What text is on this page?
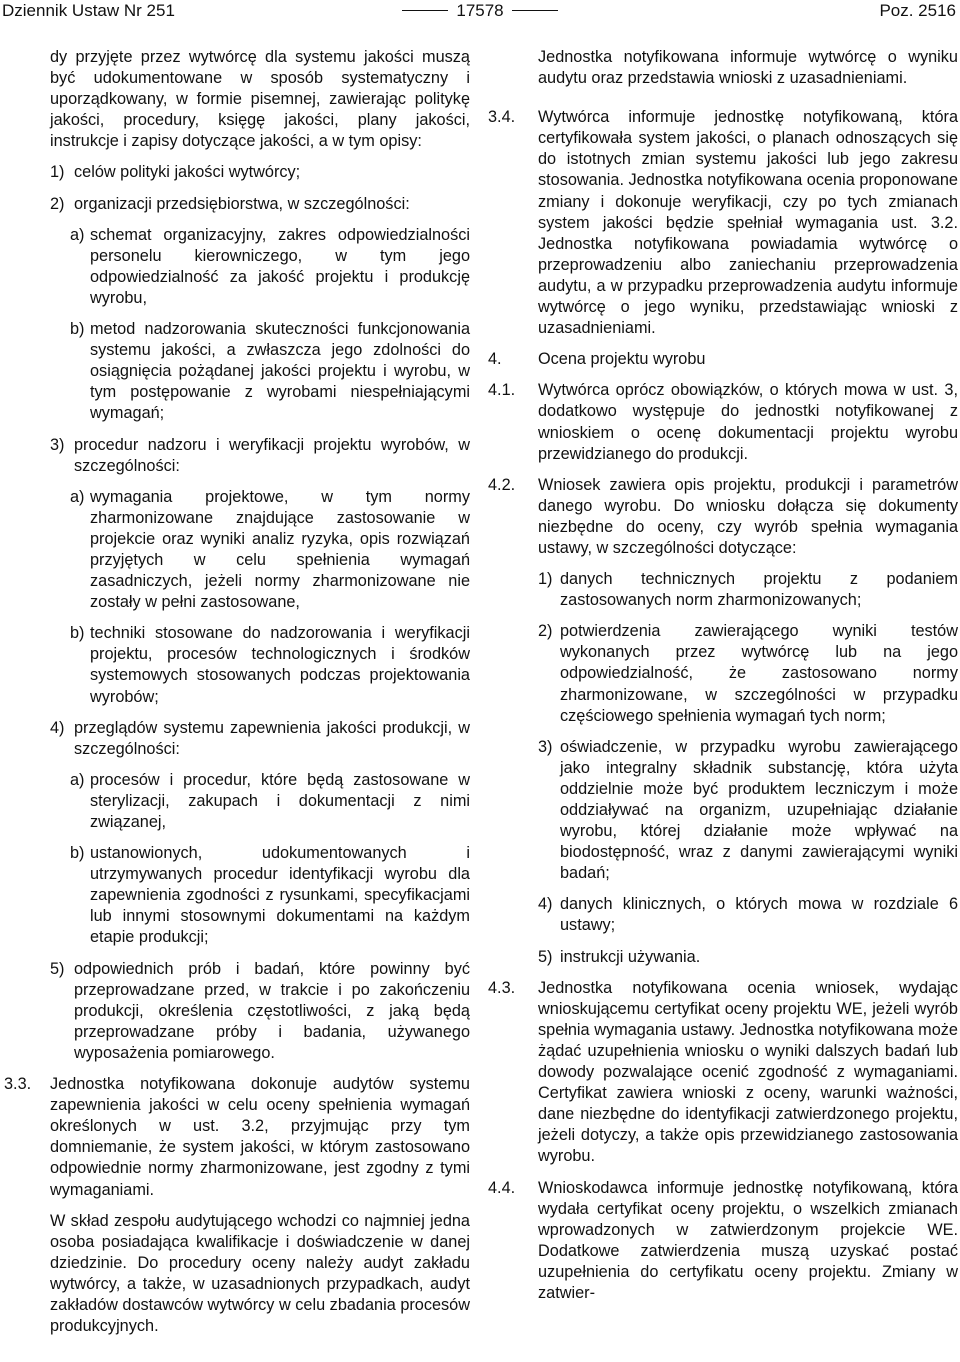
Dziennik Ustaw Nr 251	17578	Poz. 2516

dy przyjęte przez wytwórcę dla systemu jakości muszą być udokumentowane w sposób systematyczny i uporządkowany, w formie pisemnej, zawierając politykę jakości, procedury, księgę jakości, plany jakości, instrukcje i zapisy dotyczące jakości, a w tym opisy:

1) celów polityki jakości wytwórcy;
2) organizacji przedsiębiorstwa, w szczególności:
a) schemat organizacyjny, zakres odpowiedzialności personelu kierowniczego, w tym jego odpowiedzialność za jakość projektu i produkcję wyrobu,
b) metod nadzorowania skuteczności funkcjonowania systemu jakości, a zwłaszcza jego zdolności do osiągnięcia pożądanej jakości projektu i wyrobu, w tym postępowanie z wyrobami niespełniającymi wymagań;
3) procedur nadzoru i weryfikacji projektu wyrobów, w szczególności:
a) wymagania projektowe, w tym normy zharmonizowane znajdujące zastosowanie w projekcie oraz wyniki analiz ryzyka, opis rozwiązań przyjętych w celu spełnienia wymagań zasadniczych, jeżeli normy zharmonizowane nie zostały w pełni zastosowane,
b) techniki stosowane do nadzorowania i weryfikacji projektu, procesów technologicznych i środków systemowych stosowanych podczas projektowania wyrobów;
4) przeglądów systemu zapewnienia jakości produkcji, w szczególności:
a) procesów i procedur, które będą zastosowane w sterylizacji, zakupach i dokumentacji z nimi związanej,
b) ustanowionych, udokumentowanych i utrzymywanych procedur identyfikacji wyrobu dla zapewnienia zgodności z rysunkami, specyfikacjami lub innymi stosownymi dokumentami na każdym etapie produkcji;
5) odpowiednich prób i badań, które powinny być przeprowadzane przed, w trakcie i po zakończeniu produkcji, określenia częstotliwości, z jaką będą przeprowadzane próby i badania, używanego wyposażenia pomiarowego.
3.3. Jednostka notyfikowana dokonuje audytów systemu zapewnienia jakości w celu oceny spełnienia wymagań określonych w ust. 3.2, przyjmując przy tym domniemanie, że system jakości, w którym zastosowano odpowiednie normy zharmonizowane, jest zgodny z tymi wymaganiami.

W skład zespołu audytującego wchodzi co najmniej jedna osoba posiadająca kwalifikacje i doświadczenie w danej dziedzinie. Do procedury oceny należy audyt zakładu wytwórcy, a także, w uzasadnionych przypadkach, audyt zakładów dostawców wytwórcy w celu zbadania procesów produkcyjnych.

Jednostka notyfikowana informuje wytwórcę o wyniku audytu oraz przedstawia wnioski z uzasadnieniami.

3.4. Wytwórca informuje jednostkę notyfikowaną, która certyfikowała system jakości, o planach odnoszących się do istotnych zmian systemu jakości lub jego zakresu stosowania. Jednostka notyfikowana ocenia proponowane zmiany i dokonuje weryfikacji, czy po tych zmianach system jakości będzie spełniał wymagania ust. 3.2. Jednostka notyfikowana powiadamia wytwórcę o przeprowadzeniu albo zaniechaniu przeprowadzenia audytu, a w przypadku przeprowadzenia audytu informuje wytwórcę o jego wyniku, przedstawiając wnioski z uzasadnieniami.
4. Ocena projektu wyrobu
4.1. Wytwórca oprócz obowiązków, o których mowa w ust. 3, dodatkowo występuje do jednostki notyfikowanej z wnioskiem o ocenę dokumentacji projektu wyrobu przewidzianego do produkcji.
4.2. Wniosek zawiera opis projektu, produkcji i parametrów danego wyrobu. Do wniosku dołącza się dokumenty niezbędne do oceny, czy wyrób spełnia wymagania ustawy, w szczególności dotyczące:
1) danych technicznych projektu z podaniem zastosowanych norm zharmonizowanych;
2) potwierdzenia zawierającego wyniki testów wykonanych przez wytwórcę lub na jego odpowiedzialność, że zastosowano normy zharmonizowane, w szczególności w przypadku częściowego spełnienia wymagań tych norm;
3) oświadczenie, w przypadku wyrobu zawierającego jako integralny składnik substancję, która użyta oddzielnie może być produktem leczniczym i może oddziaływać na organizm, uzupełniając działanie wyrobu, której działanie może wpływać na biodostępność, wraz z danymi zawierającymi wyniki badań;
4) danych klinicznych, o których mowa w rozdziale 6 ustawy;
5) instrukcji używania.
4.3. Jednostka notyfikowana ocenia wniosek, wydając wnioskującemu certyfikat oceny projektu WE, jeżeli wyrób spełnia wymagania ustawy. Jednostka notyfikowana może żądać uzupełnienia wniosku o wyniki dalszych badań lub dowody pozwalające ocenić zgodność z wymaganiami. Certyfikat zawiera wnioski z oceny, warunki ważności, dane niezbędne do identyfikacji zatwierdzonego projektu, jeżeli dotyczy, a także opis przewidzianego zastosowania wyrobu.
4.4. Wnioskodawca informuje jednostkę notyfikowaną, która wydała certyfikat oceny projektu, o wszelkich zmianach wprowadzonych w zatwierdzonym projekcie WE. Dodatkowe zatwierdzenia muszą uzyskać postać uzupełnienia do certyfikatu oceny projektu. Zmiany w zatwier-
